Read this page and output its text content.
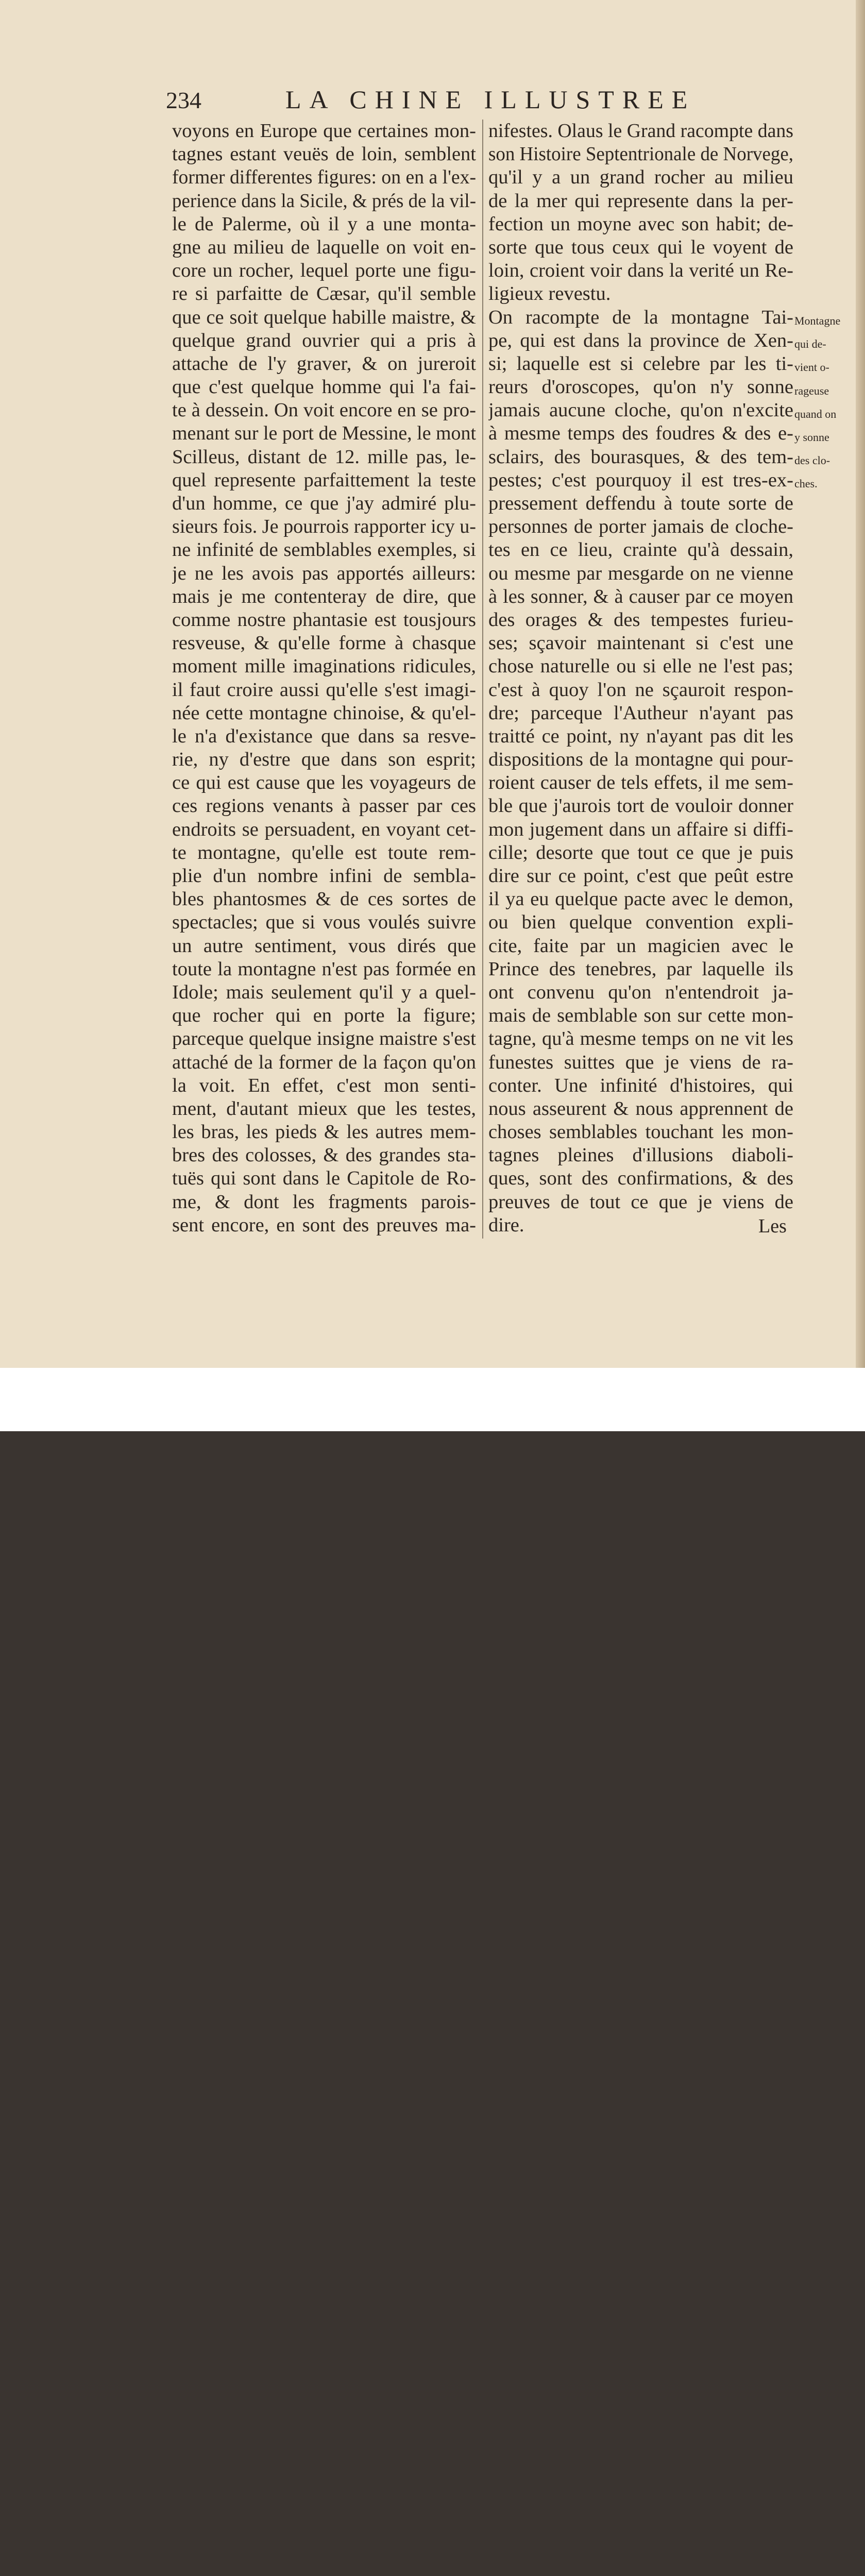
234	LA CHINE ILLUSTREE
voyons en Europe que certaines mon-
tagnes estant veuës de loin, semblent
former differentes figures: on en a l'ex-
perience dans la Sicile, & prés de la vil-
le de Palerme, où il y a une monta-
gne au milieu de laquelle on voit en-
core un rocher, lequel porte une figu-
re si parfaitte de Cæsar, qu'il semble
que ce soit quelque habille maistre, &
quelque grand ouvrier qui a pris à
attache de l'y graver, & on jureroit
que c'est quelque homme qui l'a fai-
te à dessein. On voit encore en se pro-
menant sur le port de Messine, le mont
Scilleus, distant de 12. mille pas, le-
quel represente parfaittement la teste
d'un homme, ce que j'ay admiré plu-
sieurs fois. Je pourrois rapporter icy u-
ne infinité de semblables exemples, si
je ne les avois pas apportés ailleurs:
mais je me contenteray de dire, que
comme nostre phantasie est tousjours
resveuse, & qu'elle forme à chasque
moment mille imaginations ridicules,
il faut croire aussi qu'elle s'est imagi-
née cette montagne chinoise, & qu'el-
le n'a d'existance que dans sa resve-
rie, ny d'estre que dans son esprit;
ce qui est cause que les voyageurs de
ces regions venants à passer par ces
endroits se persuadent, en voyant cet-
te montagne, qu'elle est toute rem-
plie d'un nombre infini de sembla-
bles phantosmes & de ces sortes de
spectacles; que si vous voulés suivre
un autre sentiment, vous dirés que
toute la montagne n'est pas formée en
Idole; mais seulement qu'il y a quel-
que rocher qui en porte la figure;
parceque quelque insigne maistre s'est
attaché de la former de la façon qu'on
la voit. En effet, c'est mon senti-
ment, d'autant mieux que les testes,
les bras, les pieds & les autres mem-
bres des colosses, & des grandes sta-
tuës qui sont dans le Capitole de Ro-
me, & dont les fragments parois-
sent encore, en sont des preuves ma-
nifestes. Olaus le Grand racompte dans
son Histoire Septentrionale de Norvege,
qu'il y a un grand rocher au milieu
de la mer qui represente dans la per-
fection un moyne avec son habit; de-
sorte que tous ceux qui le voyent de
loin, croient voir dans la verité un Re-
ligieux revestu.
On racompte de la montagne Tai-
pe, qui est dans la province de Xen-
si; laquelle est si celebre par les ti-
reurs d'oroscopes, qu'on n'y sonne
jamais aucune cloche, qu'on n'excite
à mesme temps des foudres & des e-
sclairs, des bourasques, & des tem-
pestes; c'est pourquoy il est tres-ex-
pressement deffendu à toute sorte de
personnes de porter jamais de cloche-
tes en ce lieu, crainte qu'à dessain,
ou mesme par mesgarde on ne vienne
à les sonner, & à causer par ce moyen
des orages & des tempestes furieu-
ses; sçavoir maintenant si c'est une
chose naturelle ou si elle ne l'est pas;
c'est à quoy l'on ne sçauroit respon-
dre; parceque l'Autheur n'ayant pas
traitté ce point, ny n'ayant pas dit les
dispositions de la montagne qui pour-
roient causer de tels effets, il me sem-
ble que j'aurois tort de vouloir donner
mon jugement dans un affaire si diffi-
cille; desorte que tout ce que je puis
dire sur ce point, c'est que peût estre
il ya eu quelque pacte avec le demon,
ou bien quelque convention expli-
cite, faite par un magicien avec le
Prince des tenebres, par laquelle ils
ont convenu qu'on n'entendroit ja-
mais de semblable son sur cette mon-
tagne, qu'à mesme temps on ne vit les
funestes suittes que je viens de ra-
conter. Une infinité d'histoires, qui
nous asseurent & nous apprennent de
choses semblables touchant les mon-
tagnes pleines d'illusions diaboli-
ques, sont des confirmations, & des
preuves de tout ce que je viens de
dire.
Montagne
qui de-
vient o-
rageuse
quand on
y sonne
des clo-
ches.
Les
